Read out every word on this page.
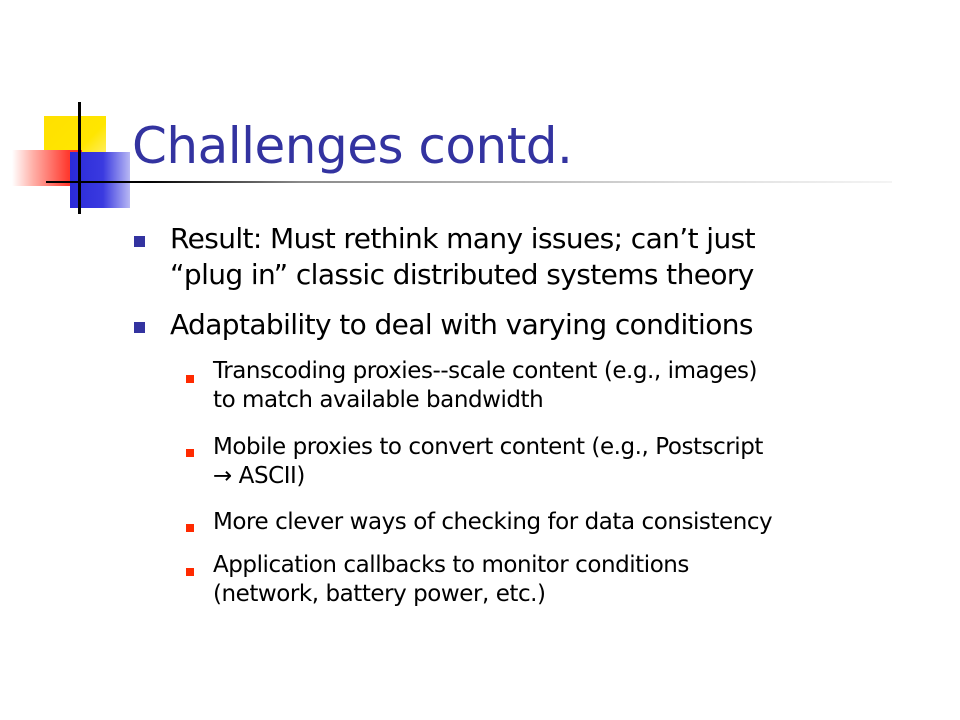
Challenges contd.
Result: Must rethink many issues; can’t just
“plug in” classic distributed systems theory
Adaptability to deal with varying conditions
Transcoding proxies--scale content (e.g., images)
to match available bandwidth
Mobile proxies to convert content (e.g., Postscript
→ ASCII)
More clever ways of checking for data consistency
Application callbacks to monitor conditions
(network, battery power, etc.)
